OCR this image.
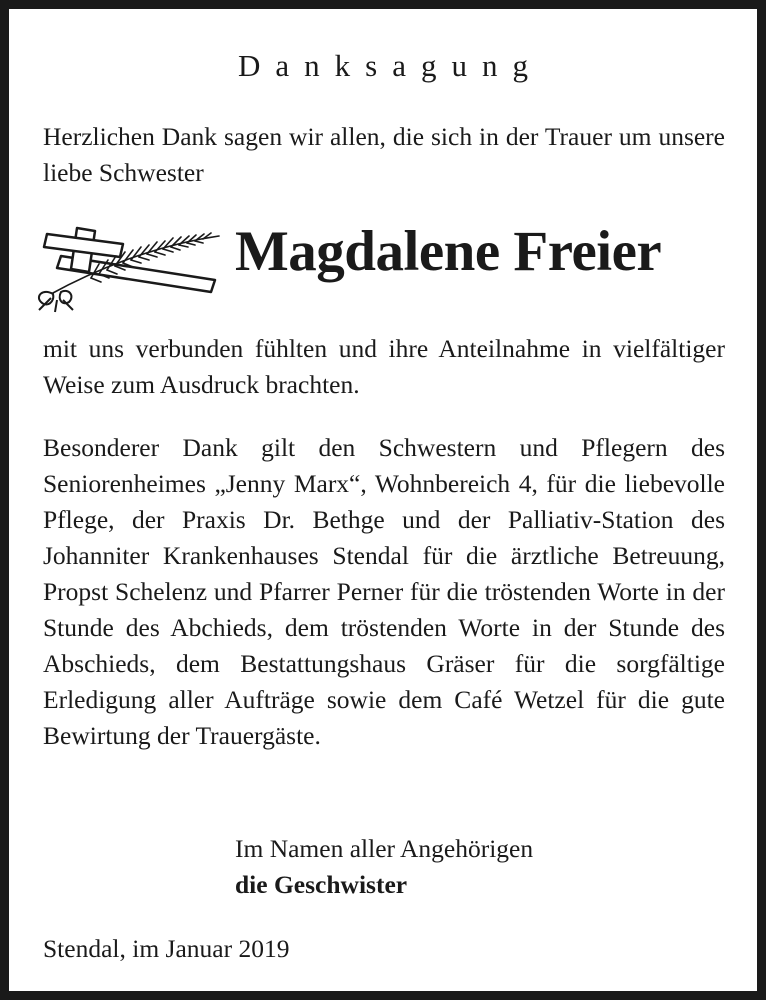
Danksagung
Herzlichen Dank sagen wir allen, die sich in der Trauer um unsere liebe Schwester
Magdalene Freier
mit uns verbunden fühlten und ihre Anteilnahme in vielfältiger Weise zum Ausdruck brachten.
Besonderer Dank gilt den Schwestern und Pflegern des Seniorenheimes „Jenny Marx“, Wohnbereich 4, für die liebevolle Pflege, der Praxis Dr. Bethge und der Palliativ-Station des Johanniter Krankenhauses Stendal für die ärztliche Betreuung, Propst Schelenz und Pfarrer Perner für die tröstenden Worte in der Stunde des Abchieds, dem tröstenden Worte in der Stunde des Abschieds, dem Bestattungshaus Gräser für die sorgfältige Erledigung aller Aufträge sowie dem Café Wetzel für die gute Bewirtung der Trauergäste.
Im Namen aller Angehörigen
die Geschwister
Stendal, im Januar 2019
